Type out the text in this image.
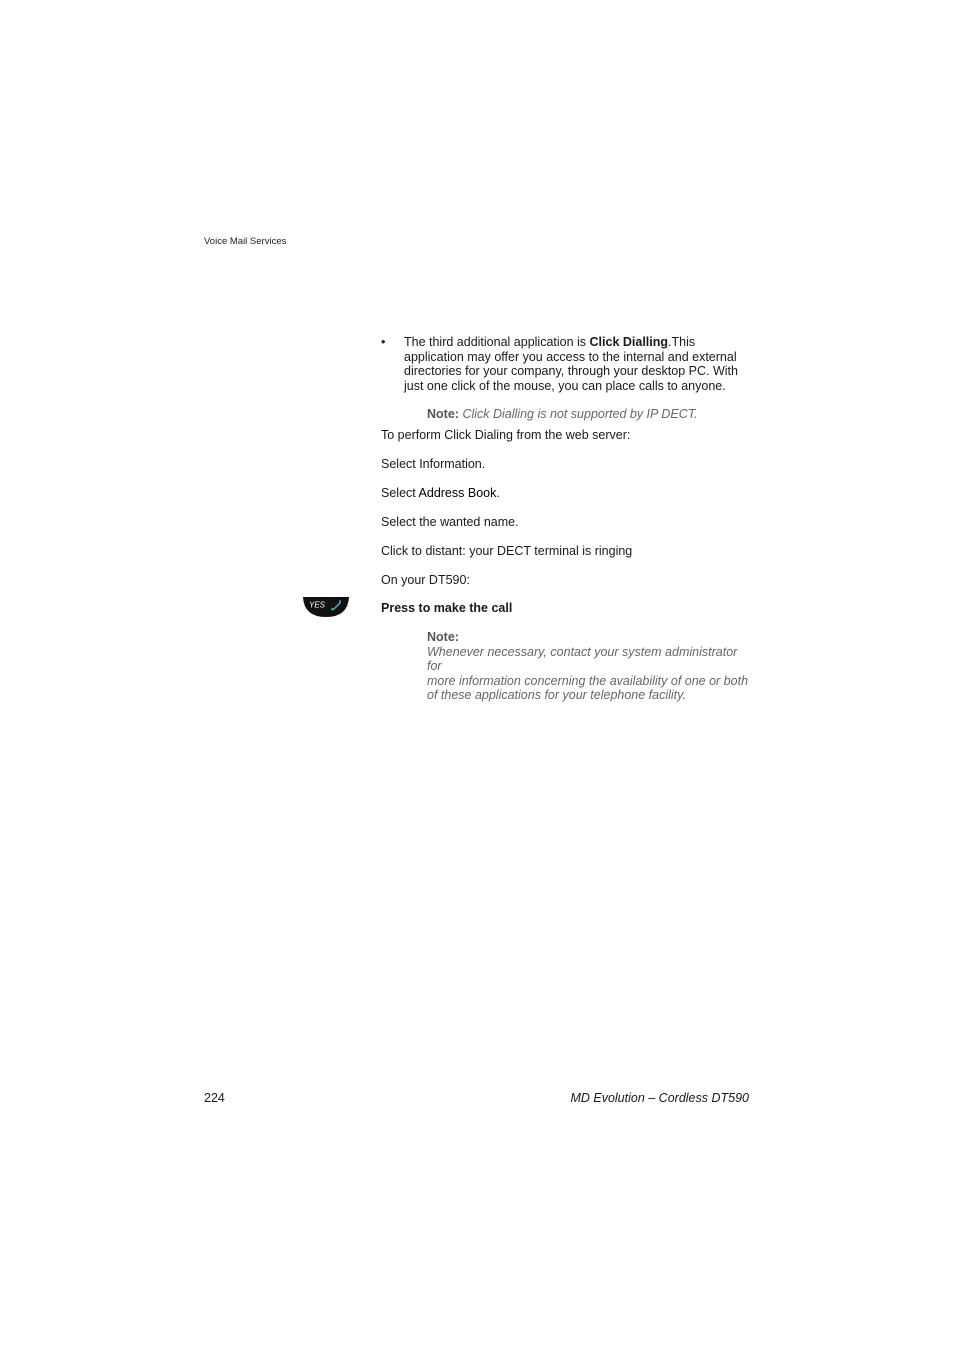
Voice Mail Services
• The third additional application is Click Dialling.This
application may offer you access to the internal and external
directories for your company, through your desktop PC. With
just one click of the mouse, you can place calls to anyone.
Note: Click Dialling is not supported by IP DECT.
To perform Click Dialing from the web server:
Select Information.
Select Address Book.
Select the wanted name.
Click to distant: your DECT terminal is ringing
On your DT590:
YES	Press to make the call
Note:
Whenever necessary, contact your system administrator for
more information concerning the availability of one or both
of these applications for your telephone facility.
224	MD Evolution – Cordless DT590
